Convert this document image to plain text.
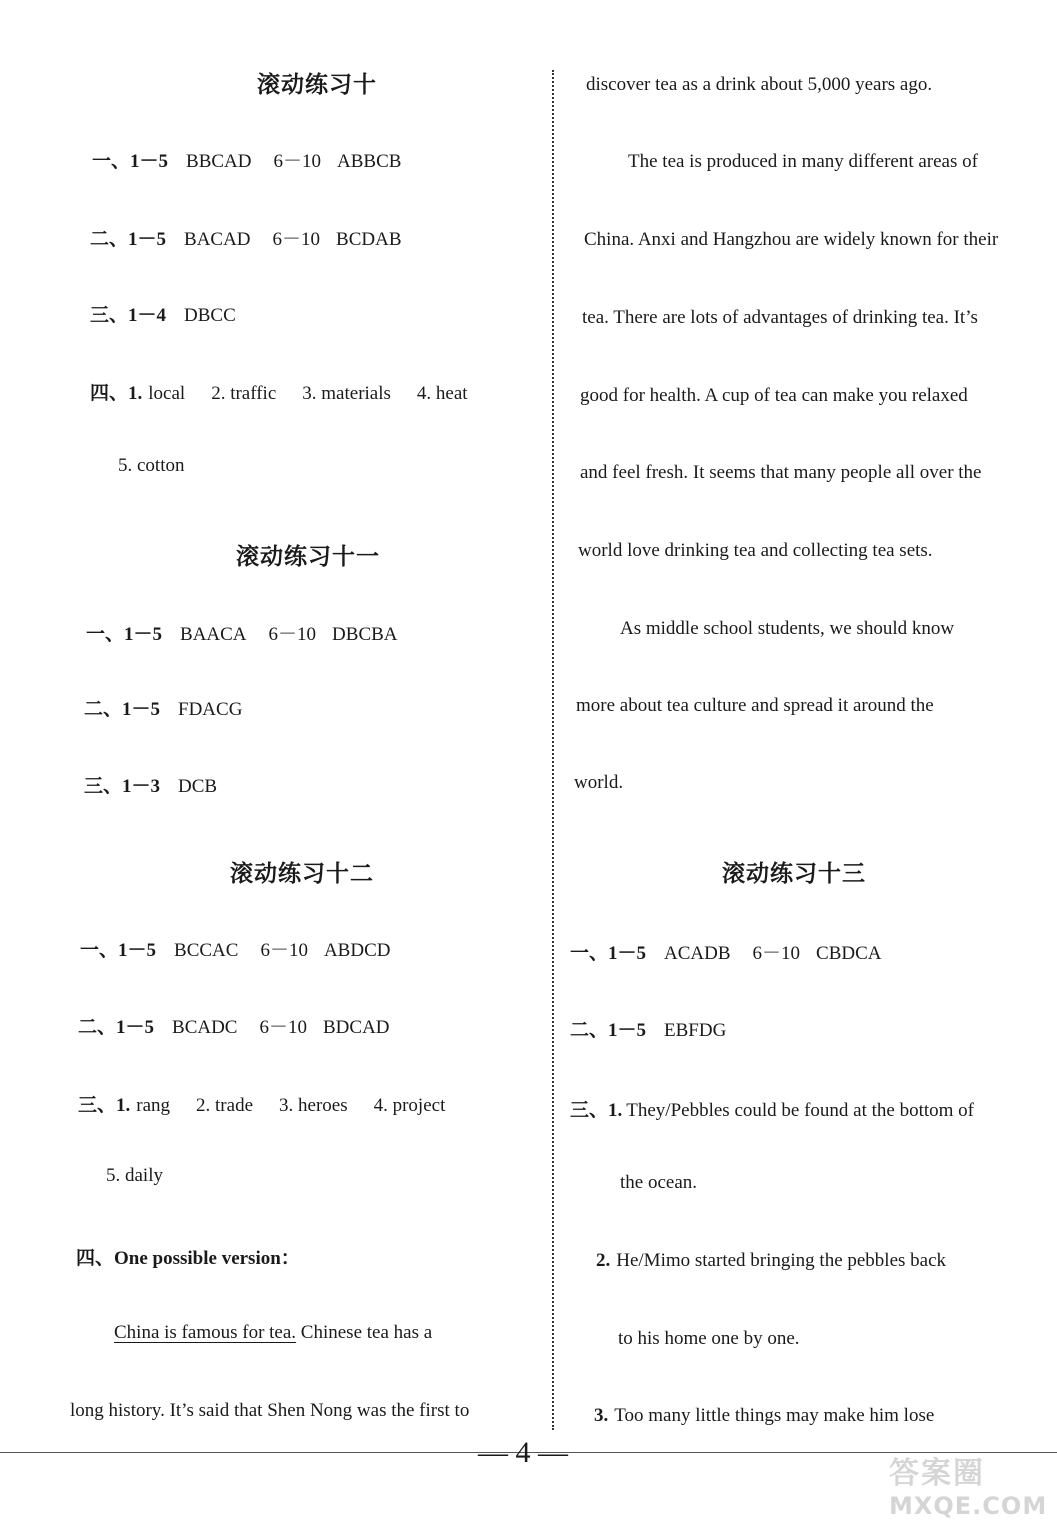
滚动练习十
一、1－5 BBCAD 6－10 ABBCB
二、1－5 BACAD 6－10 BCDAB
三、1－4 DBCC
四、1. local 2. traffic 3. materials 4. heat
5. cotton
滚动练习十一
一、1－5 BAACA 6－10 DBCBA
二、1－5 FDACG
三、1－3 DCB
滚动练习十二
一、1－5 BCCAC 6－10 ABDCD
二、1－5 BCADC 6－10 BDCAD
三、1. rang 2. trade 3. heroes 4. project
5. daily
四、One possible version：
China is famous for tea. Chinese tea has a
long history. It’s said that Shen Nong was the first to
discover tea as a drink about 5,000 years ago.
The tea is produced in many different areas of
China. Anxi and Hangzhou are widely known for their
tea. There are lots of advantages of drinking tea. It’s
good for health. A cup of tea can make you relaxed
and feel fresh. It seems that many people all over the
world love drinking tea and collecting tea sets.
As middle school students, we should know
more about tea culture and spread it around the
world.
滚动练习十三
一、1－5 ACADB 6－10 CBDCA
二、1－5 EBFDG
三、1. They/Pebbles could be found at the bottom of
the ocean.
2. He/Mimo started bringing the pebbles back
to his home one by one.
3. Too many little things may make him lose
— 4 —
答案圈
MXQE.COM
